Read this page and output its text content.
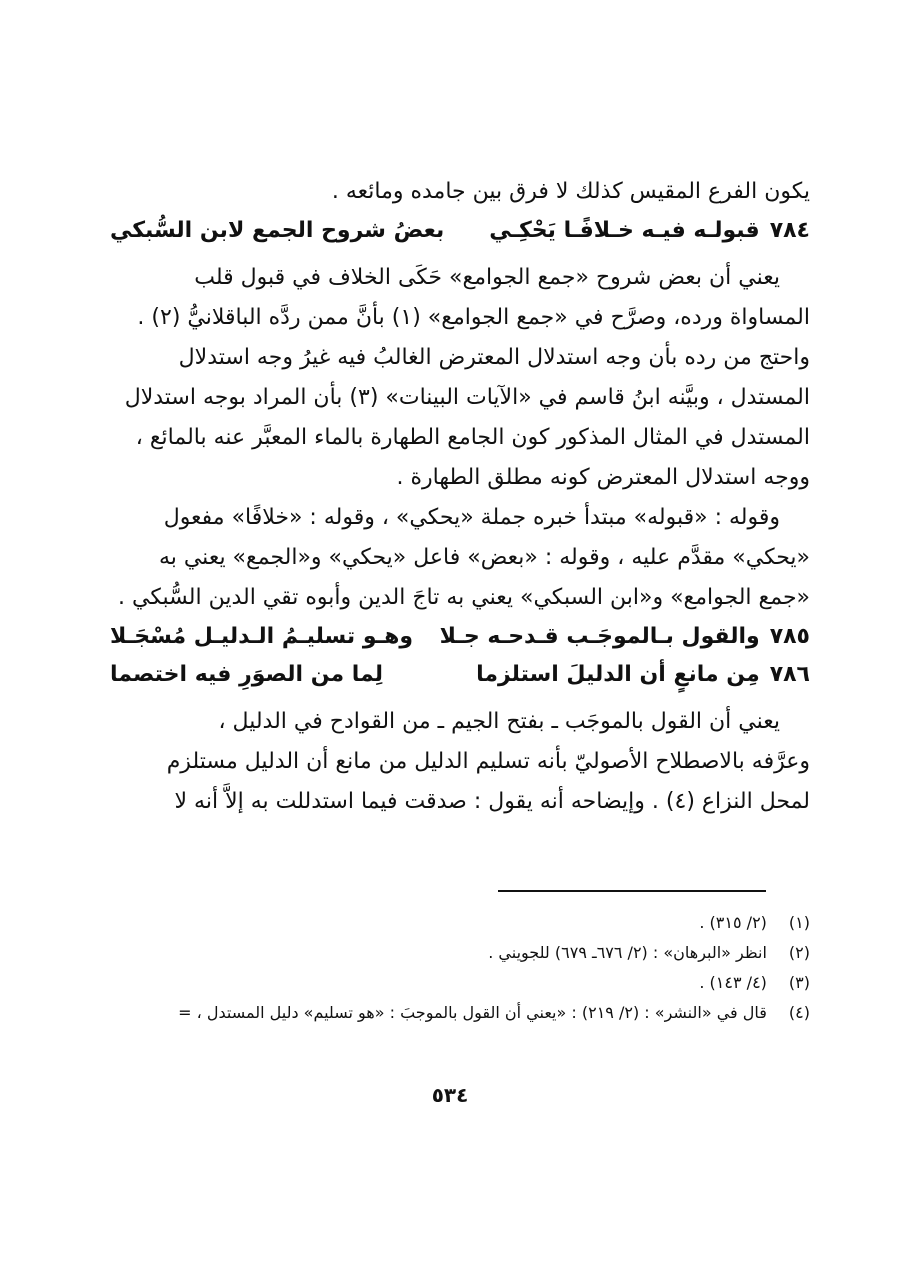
يكون الفرع المقيس كذلك لا فرق بين جامده ومائعه .
٧٨٤
قبولـه فيـه خـلافًـا يَحْكِـي
بعضُ شروح الجمع لابن السُّبكي
يعني أن بعض شروح «جمع الجوامع» حَكَى الخلاف في قبول قلب
المساواة ورده، وصرَّح في «جمع الجوامع» (١) بأنَّ ممن ردَّه الباقلانيُّ (٢) .
واحتج من رده بأن وجه استدلال المعترض الغالبُ فيه غيرُ وجه استدلال
المستدل ، وبيَّنه ابنُ قاسم في «الآيات البينات» (٣) بأن المراد بوجه استدلال
المستدل في المثال المذكور كون الجامع الطهارة بالماء المعبَّر عنه بالمائع ،
ووجه استدلال المعترض كونه مطلق الطهارة .
وقوله : «قبوله» مبتدأ خبره جملة «يحكي» ، وقوله : «خلافًا» مفعول
«يحكي» مقدَّم عليه ، وقوله : «بعض» فاعل «يحكي» و«الجمع» يعني به
«جمع الجوامع» و«ابن السبكي» يعني به تاجَ الدين وأبوه تقي الدين السُّبكي .
٧٨٥
والقول بـالموجَـب قـدحـه جـلا
وهـو تسليـمُ الـدليـل مُسْجَـلا
٧٨٦
مِن مانعٍ أن الدليلَ استلزما
لِما من الصوَرِ فيه اختصما
يعني أن القول بالموجَب ـ بفتح الجيم ـ من القوادح في الدليل ،
وعرَّفه بالاصطلاح الأصوليّ بأنه تسليم الدليل من مانع أن الدليل مستلزم
لمحل النزاع (٤) . وإيضاحه أنه يقول : صدقت فيما استدللت به إلاَّ أنه لا
(١)(٢/ ٣١٥) .
(٢)انظر «البرهان» : (٢/ ٦٧٦ـ ٦٧٩) للجويني .
(٣)(٤/ ١٤٣) .
(٤)قال في «النشر» : (٢/ ٢١٩) : «يعني أن القول بالموجبَ : «هو تسليم» دليل المستدل ، =
٥٣٤
